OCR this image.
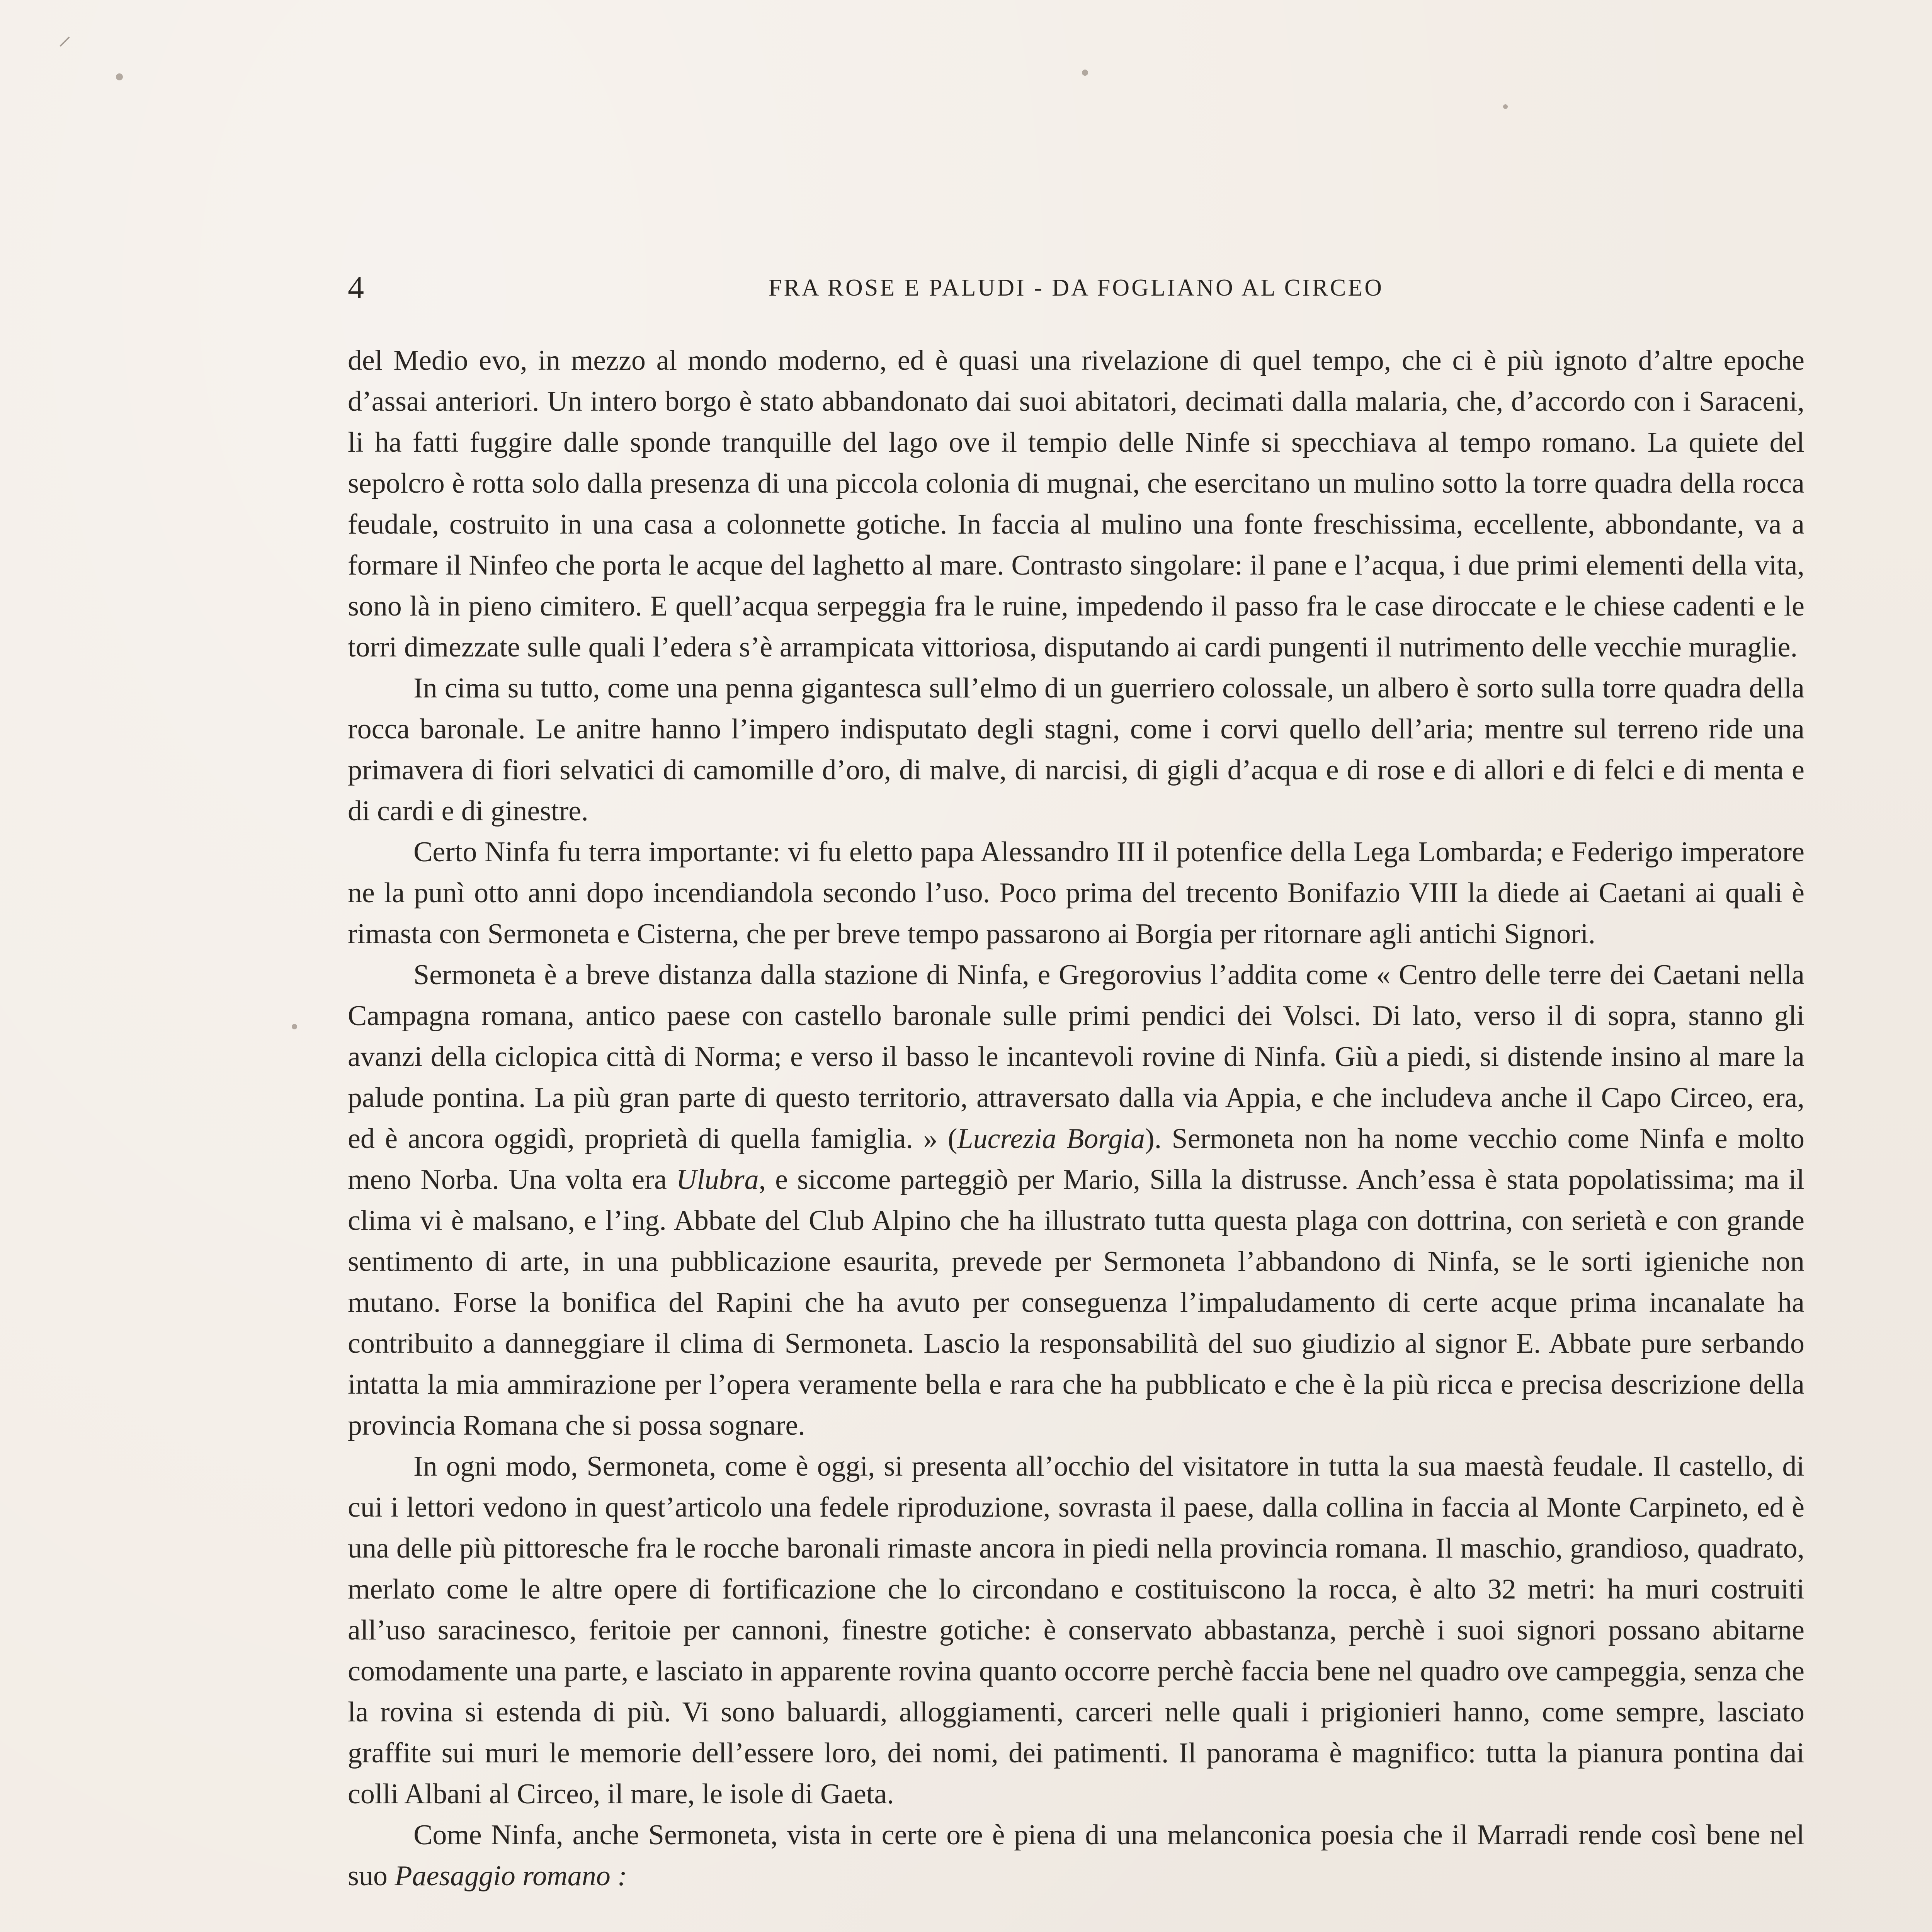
⸝
4	FRA ROSE E PALUDI - DA FOGLIANO AL CIRCEO

del Medio evo, in mezzo al mondo moderno, ed è quasi una rivelazione di quel tempo, che ci è più ignoto d’altre epoche d’assai anteriori. Un intero borgo è stato abbandonato dai suoi abitatori, decimati dalla malaria, che, d’accordo con i Saraceni, li ha fatti fuggire dalle sponde tranquille del lago ove il tempio delle Ninfe si specchiava al tempo romano. La quiete del sepolcro è rotta solo dalla presenza di una piccola colonia di mugnai, che esercitano un mulino sotto la torre quadra della rocca feudale, costruito in una casa a colonnette gotiche. In faccia al mulino una fonte freschissima, eccellente, abbondante, va a formare il Ninfeo che porta le acque del laghetto al mare. Contrasto singolare: il pane e l’acqua, i due primi elementi della vita, sono là in pieno cimitero. E quell’acqua serpeggia fra le ruine, impedendo il passo fra le case diroccate e le chiese cadenti e le torri dimezzate sulle quali l’edera s’è arrampicata vittoriosa, disputando ai cardi pungenti il nutrimento delle vecchie muraglie.

In cima su tutto, come una penna gigantesca sull’elmo di un guerriero colossale, un albero è sorto sulla torre quadra della rocca baronale. Le anitre hanno l’impero indisputato degli stagni, come i corvi quello dell’aria; mentre sul terreno ride una primavera di fiori selvatici di camomille d’oro, di malve, di narcisi, di gigli d’acqua e di rose e di allori e di felci e di menta e di cardi e di ginestre.

Certo Ninfa fu terra importante: vi fu eletto papa Alessandro III il potenfice della Lega Lombarda; e Federigo imperatore ne la punì otto anni dopo incendiandola secondo l’uso. Poco prima del trecento Bonifazio VIII la diede ai Caetani ai quali è rimasta con Sermoneta e Cisterna, che per breve tempo passarono ai Borgia per ritornare agli antichi Signori.

Sermoneta è a breve distanza dalla stazione di Ninfa, e Gregorovius l’addita come « Centro delle terre dei Caetani nella Campagna romana, antico paese con castello baronale sulle primi pendici dei Volsci. Di lato, verso il di sopra, stanno gli avanzi della ciclopica città di Norma; e verso il basso le incantevoli rovine di Ninfa. Giù a piedi, si distende insino al mare la palude pontina. La più gran parte di questo territorio, attraversato dalla via Appia, e che includeva anche il Capo Circeo, era, ed è ancora oggidì, proprietà di quella famiglia. » (Lucrezia Borgia). Sermoneta non ha nome vecchio come Ninfa e molto meno Norba. Una volta era Ulubra, e siccome parteggiò per Mario, Silla la distrusse. Anch’essa è stata popolatissima; ma il clima vi è malsano, e l’ing. Abbate del Club Alpino che ha illustrato tutta questa plaga con dottrina, con serietà e con grande sentimento di arte, in una pubblicazione esaurita, prevede per Sermoneta l’abbandono di Ninfa, se le sorti igieniche non mutano. Forse la bonifica del Rapini che ha avuto per conseguenza l’impaludamento di certe acque prima incanalate ha contribuito a danneggiare il clima di Sermoneta. Lascio la responsabilità del suo giudizio al signor E. Abbate pure serbando intatta la mia ammirazione per l’opera veramente bella e rara che ha pubblicato e che è la più ricca e precisa descrizione della provincia Romana che si possa sognare.

In ogni modo, Sermoneta, come è oggi, si presenta all’occhio del visitatore in tutta la sua maestà feudale. Il castello, di cui i lettori vedono in quest’articolo una fedele riproduzione, sovrasta il paese, dalla collina in faccia al Monte Carpineto, ed è una delle più pittoresche fra le rocche baronali rimaste ancora in piedi nella provincia romana. Il maschio, grandioso, quadrato, merlato come le altre opere di fortificazione che lo circondano e costituiscono la rocca, è alto 32 metri: ha muri costruiti all’uso saracinesco, feritoie per cannoni, finestre gotiche: è conservato abbastanza, perchè i suoi signori possano abitarne comodamente una parte, e lasciato in apparente rovina quanto occorre perchè faccia bene nel quadro ove campeggia, senza che la rovina si estenda di più. Vi sono baluardi, alloggiamenti, carceri nelle quali i prigionieri hanno, come sempre, lasciato graffite sui muri le memorie dell’essere loro, dei nomi, dei patimenti. Il panorama è magnifico: tutta la pianura pontina dai colli Albani al Circeo, il mare, le isole di Gaeta.

Come Ninfa, anche Sermoneta, vista in certe ore è piena di una melanconica poesia che il Marradi rende così bene nel suo Paesaggio romano :
